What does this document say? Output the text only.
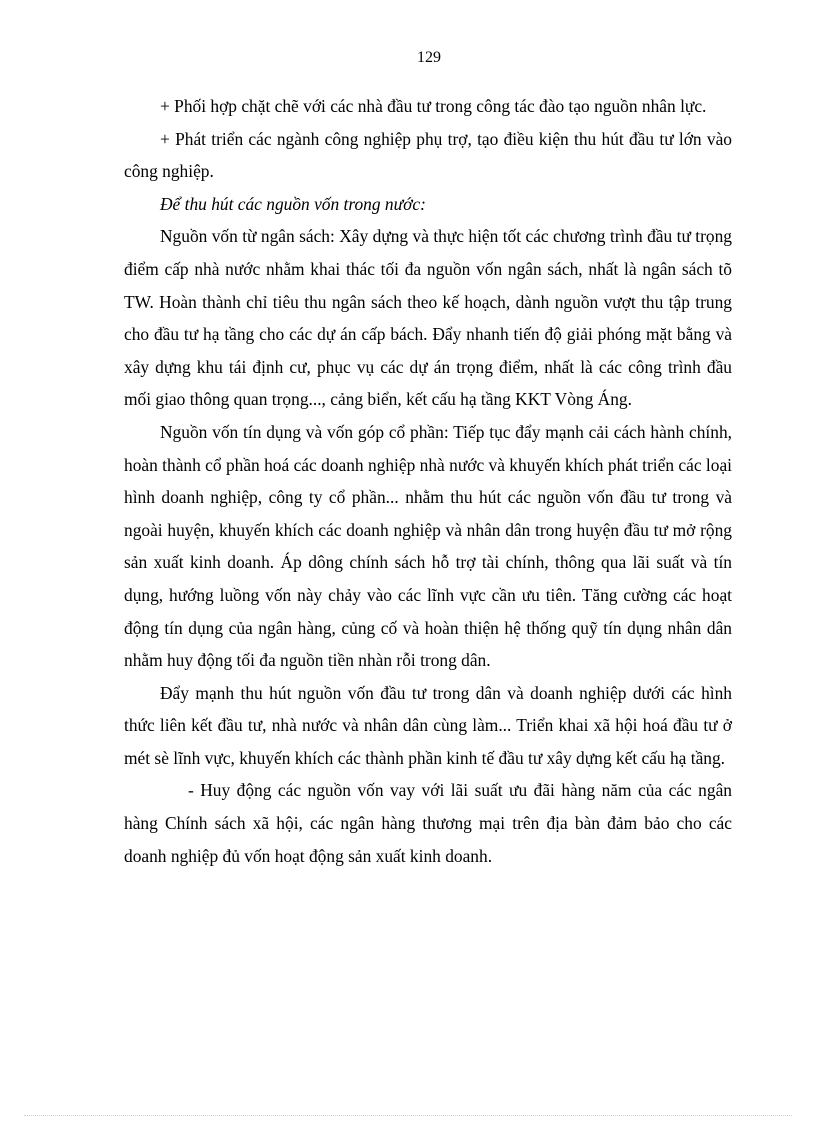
129

+ Phối hợp chặt chẽ với các nhà đầu tư trong công tác đào tạo nguồn nhân lực.

+ Phát triển các ngành công nghiệp phụ trợ, tạo điều kiện thu hút đầu tư lớn vào công nghiệp.

Để thu hút các nguồn vốn trong nước:

Nguồn vốn từ ngân sách: Xây dựng và thực hiện tốt các chương trình đầu tư trọng điểm cấp nhà nước nhằm khai thác tối đa nguồn vốn ngân sách, nhất là ngân sách tõ TW. Hoàn thành chỉ tiêu thu ngân sách theo kế hoạch, dành nguồn vượt thu tập trung cho đầu tư hạ tầng cho các dự án cấp bách. Đẩy nhanh tiến độ giải phóng mặt bằng và xây dựng khu tái định cư, phục vụ các dự án trọng điểm, nhất là các công trình đầu mối giao thông quan trọng..., cảng biển, kết cấu hạ tầng KKT Vòng Áng.

Nguồn vốn tín dụng và vốn góp cổ phần: Tiếp tục đẩy mạnh cải cách hành chính, hoàn thành cổ phần hoá các doanh nghiệp nhà nước và khuyến khích phát triển các loại hình doanh nghiệp, công ty cổ phần... nhằm thu hút các nguồn vốn đầu tư trong và ngoài huyện, khuyến khích các doanh nghiệp và nhân dân trong huyện đầu tư mở rộng sản xuất kinh doanh. Áp dông chính sách hỗ trợ tài chính, thông qua lãi suất và tín dụng, hướng luồng vốn này chảy vào các lĩnh vực cần ưu tiên. Tăng cường các hoạt động tín dụng của ngân hàng, củng cố và hoàn thiện hệ thống quỹ tín dụng nhân dân nhằm huy động tối đa nguồn tiền nhàn rỗi trong dân.

Đẩy mạnh thu hút nguồn vốn đầu tư trong dân và doanh nghiệp dưới các hình thức liên kết đầu tư, nhà nước và nhân dân cùng làm... Triển khai xã hội hoá đầu tư ở mét sè lĩnh vực, khuyến khích các thành phần kinh tế đầu tư xây dựng kết cấu hạ tầng.

- Huy động các nguồn vốn vay với lãi suất ưu đãi hàng năm của các ngân hàng Chính sách xã hội, các ngân hàng thương mại trên địa bàn đảm bảo cho các doanh nghiệp đủ vốn hoạt động sản xuất kinh doanh.
